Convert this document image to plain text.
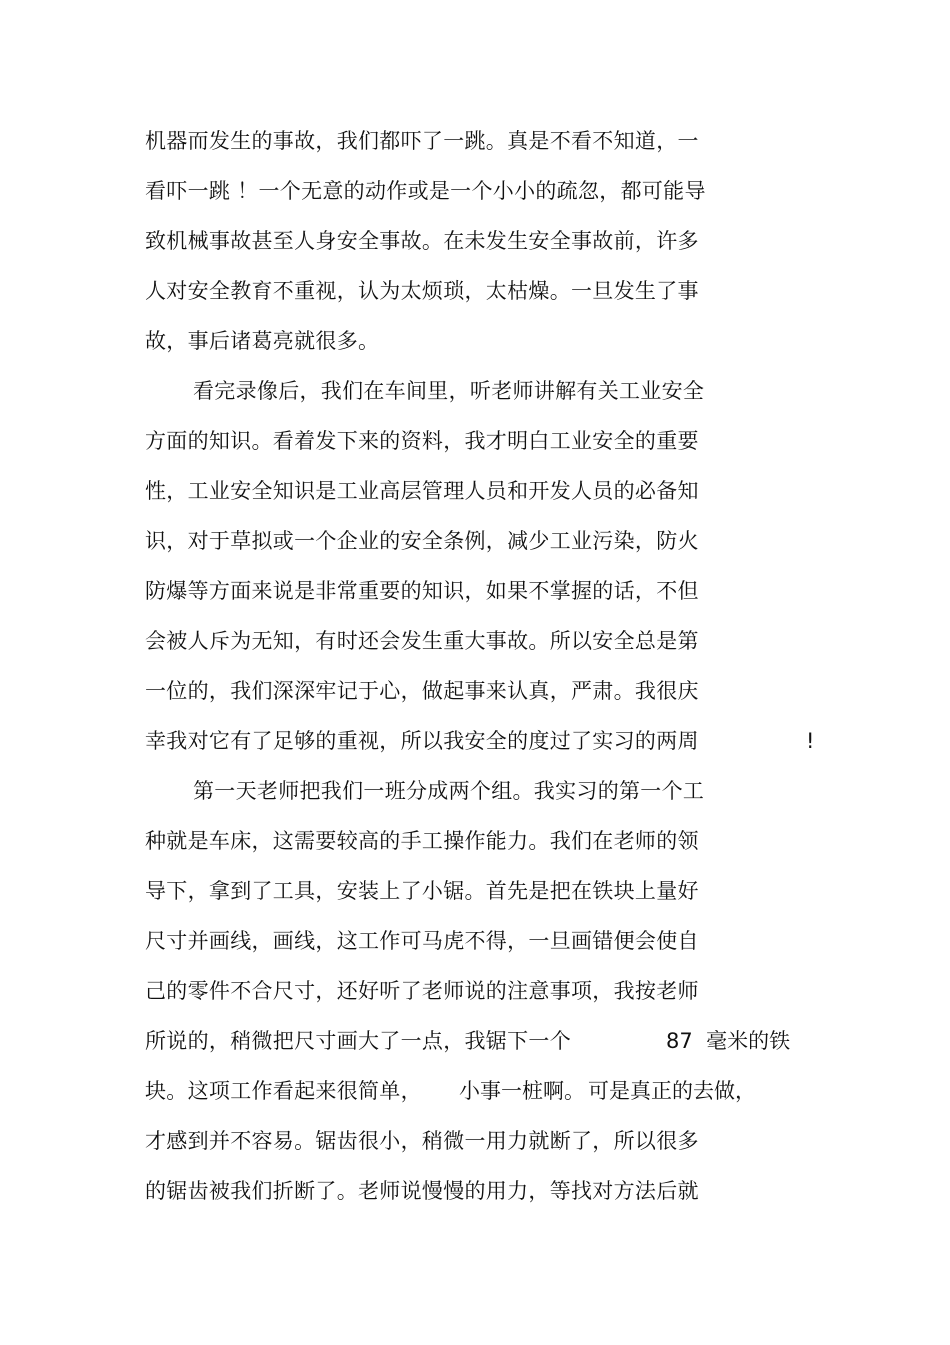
机器而发生的事故，我们都吓了一跳。真是不看不知道，一
看吓一跳 ！一个无意的动作或是一个小小的疏忽，都可能导
致机械事故甚至人身安全事故。在未发生安全事故前，许多
人对安全教育不重视，认为太烦琐，太枯燥。一旦发生了事
故，事后诸葛亮就很多。
看完录像后，我们在车间里，听老师讲解有关工业安全
方面的知识。看着发下来的资料，我才明白工业安全的重要
性，工业安全知识是工业高层管理人员和开发人员的必备知
识，对于草拟或一个企业的安全条例，减少工业污染，防火
防爆等方面来说是非常重要的知识，如果不掌握的话，不但
会被人斥为无知，有时还会发生重大事故。所以安全总是第
一位的，我们深深牢记于心，做起事来认真，严肃。我很庆
幸我对它有了足够的重视，所以我安全的度过了实习的两周	!
第一天老师把我们一班分成两个组。我实习的第一个工
种就是车床，这需要较高的手工操作能力。我们在老师的领
导下，拿到了工具，安装上了小锯。首先是把在铁块上量好
尺寸并画线，画线，这工作可马虎不得，一旦画错便会使自
己的零件不合尺寸，还好听了老师说的注意事项，我按老师
所说的，稍微把尺寸画大了一点，我锯下一个	87  毫米的铁
块。这项工作看起来很简单， 小事一桩啊。 可是真正的去做，
才感到并不容易。锯齿很小，稍微一用力就断了，所以很多
的锯齿被我们折断了。老师说慢慢的用力，等找对方法后就
